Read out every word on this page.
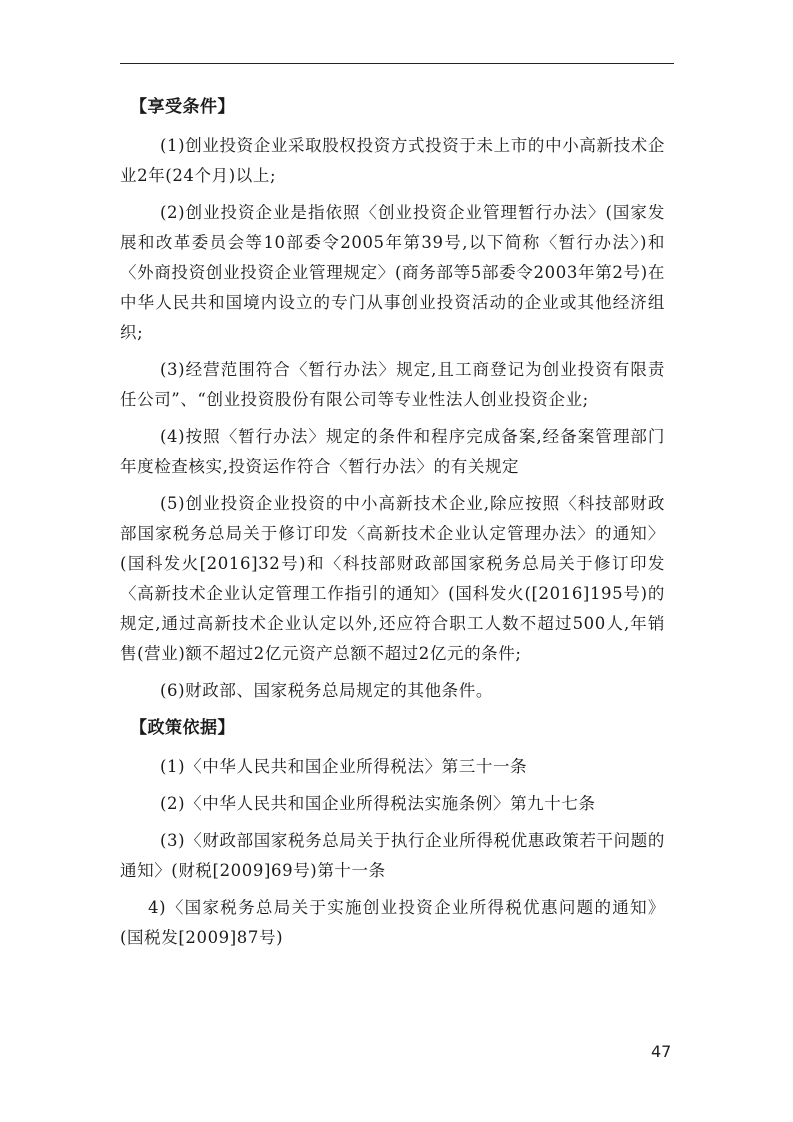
【享受条件】

(1)创业投资企业采取股权投资方式投资于未上市的中小高新技术企业2年(24个月)以上;

(2)创业投资企业是指依照〈创业投资企业管理暂行办法〉(国家发展和改革委员会等10部委令2005年第39号,以下简称〈暂行办法〉)和〈外商投资创业投资企业管理规定〉(商务部等5部委令2003年第2号)在中华人民共和国境内设立的专门从事创业投资活动的企业或其他经济组织;

(3)经营范围符合〈暂行办法〉规定,且工商登记为创业投资有限责任公司”、“创业投资股份有限公司等专业性法人创业投资企业;

(4)按照〈暂行办法〉规定的条件和程序完成备案,经备案管理部门年度检查核实,投资运作符合〈暂行办法〉的有关规定

(5)创业投资企业投资的中小高新技术企业,除应按照〈科技部财政部国家税务总局关于修订印发〈高新技术企业认定管理办法〉的通知〉(国科发火[2016]32号)和〈科技部财政部国家税务总局关于修订印发〈高新技术企业认定管理工作指引的通知〉(国科发火([2016]195号)的规定,通过高新技术企业认定以外,还应符合职工人数不超过500人,年销售(营业)额不超过2亿元资产总额不超过2亿元的条件;

(6)财政部、国家税务总局规定的其他条件。

【政策依据】

(1)〈中华人民共和国企业所得税法〉第三十一条

(2)〈中华人民共和国企业所得税法实施条例〉第九十七条

(3)〈财政部国家税务总局关于执行企业所得税优惠政策若干问题的通知〉(财税[2009]69号)第十一条

4)〈国家税务总局关于实施创业投资企业所得税优惠问题的通知》(国税发[2009]87号)

47
